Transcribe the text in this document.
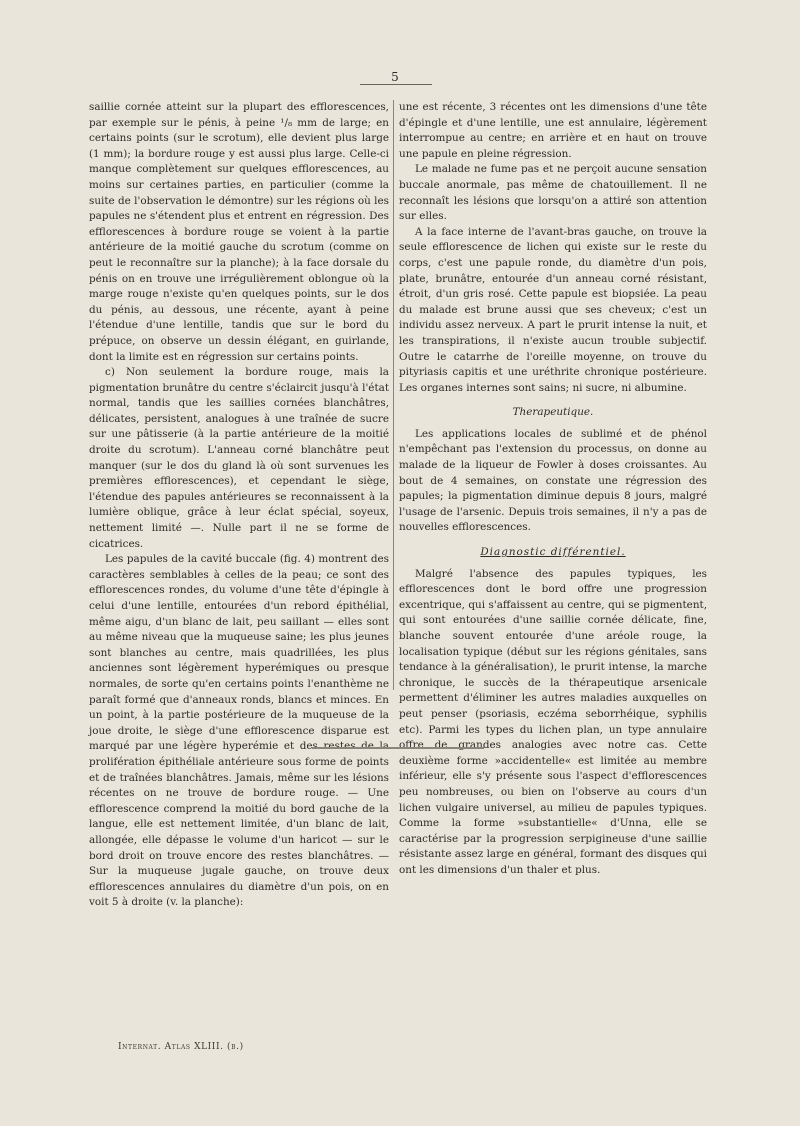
5

saillie cornée atteint sur la plupart des efflorescences, par exemple sur le pénis, à peine ¹/₈ mm de large; en certains points (sur le scrotum), elle devient plus large (1 mm); la bordure rouge y est aussi plus large. Celle-ci manque complètement sur quelques efflorescences, au moins sur certaines parties, en particulier (comme la suite de l'observation le démontre) sur les régions où les papules ne s'étendent plus et entrent en régression. Des efflorescences à bordure rouge se voient à la partie antérieure de la moitié gauche du scrotum (comme on peut le reconnaître sur la planche); à la face dorsale du pénis on en trouve une irrégulièrement oblongue où la marge rouge n'existe qu'en quelques points, sur le dos du pénis, au dessous, une récente, ayant à peine l'étendue d'une lentille, tandis que sur le bord du prépuce, on observe un dessin élégant, en guirlande, dont la limite est en régression sur certains points.

c) Non seulement la bordure rouge, mais la pigmentation brunâtre du centre s'éclaircit jusqu'à l'état normal, tandis que les saillies cornées blanchâtres, délicates, persistent, analogues à une traînée de sucre sur une pâtisserie (à la partie antérieure de la moitié droite du scrotum). L'anneau corné blanchâtre peut manquer (sur le dos du gland là où sont survenues les premières efflorescences), et cependant le siège, l'étendue des papules antérieures se reconnaissent à la lumière oblique, grâce à leur éclat spécial, soyeux, nettement limité —. Nulle part il ne se forme de cicatrices.

Les papules de la cavité buccale (fig. 4) montrent des caractères semblables à celles de la peau; ce sont des efflorescences rondes, du volume d'une tête d'épingle à celui d'une lentille, entourées d'un rebord épithélial, même aigu, d'un blanc de lait, peu saillant — elles sont au même niveau que la muqueuse saine; les plus jeunes sont blanches au centre, mais quadrillées, les plus anciennes sont légèrement hyperémiques ou presque normales, de sorte qu'en certains points l'enanthème ne paraît formé que d'anneaux ronds, blancs et minces. En un point, à la partie postérieure de la muqueuse de la joue droite, le siège d'une efflorescence disparue est marqué par une légère hyperémie et des restes de la prolifération épithéliale antérieure sous forme de points et de traînées blanchâtres. Jamais, même sur les lésions récentes on ne trouve de bordure rouge. — Une efflorescence comprend la moitié du bord gauche de la langue, elle est nettement limitée, d'un blanc de lait, allongée, elle dépasse le volume d'un haricot — sur le bord droit on trouve encore des restes blanchâtres. — Sur la muqueuse jugale gauche, on trouve deux efflorescences annulaires du diamètre d'un pois, on en voit 5 à droite (v. la planche):

une est récente, 3 récentes ont les dimensions d'une tête d'épingle et d'une lentille, une est annulaire, légèrement interrompue au centre; en arrière et en haut on trouve une papule en pleine régression.

Le malade ne fume pas et ne perçoit aucune sensation buccale anormale, pas même de chatouillement. Il ne reconnaît les lésions que lorsqu'on a attiré son attention sur elles.

A la face interne de l'avant-bras gauche, on trouve la seule efflorescence de lichen qui existe sur le reste du corps, c'est une papule ronde, du diamètre d'un pois, plate, brunâtre, entourée d'un anneau corné résistant, étroit, d'un gris rosé. Cette papule est biopsiée. La peau du malade est brune aussi que ses cheveux; c'est un individu assez nerveux. A part le prurit intense la nuit, et les transpirations, il n'existe aucun trouble subjectif. Outre le catarrhe de l'oreille moyenne, on trouve du pityriasis capitis et une uréthrite chronique postérieure. Les organes internes sont sains; ni sucre, ni albumine.

Therapeutique.

Les applications locales de sublimé et de phénol n'empêchant pas l'extension du processus, on donne au malade de la liqueur de Fowler à doses croissantes. Au bout de 4 semaines, on constate une régression des papules; la pigmentation diminue depuis 8 jours, malgré l'usage de l'arsenic. Depuis trois semaines, il n'y a pas de nouvelles efflorescences.

Diagnostic différentiel.

Malgré l'absence des papules typiques, les efflorescences dont le bord offre une progression excentrique, qui s'affaissent au centre, qui se pigmentent, qui sont entourées d'une saillie cornée délicate, fine, blanche souvent entourée d'une aréole rouge, la localisation typique (début sur les régions génitales, sans tendance à la généralisation), le prurit intense, la marche chronique, le succès de la thérapeutique arsenicale permettent d'éliminer les autres maladies auxquelles on peut penser (psoriasis, eczéma seborrhéique, syphilis etc). Parmi les types du lichen plan, un type annulaire offre de grandes analogies avec notre cas. Cette deuxième forme »accidentelle« est limitée au membre inférieur, elle s'y présente sous l'aspect d'efflorescences peu nombreuses, ou bien on l'observe au cours d'un lichen vulgaire universel, au milieu de papules typiques. Comme la forme »substantielle« d'Unna, elle se caractérise par la progression serpigineuse d'une saillie résistante assez large en général, formant des disques qui ont les dimensions d'un thaler et plus.

Internat. Atlas XLIII. (b.)
